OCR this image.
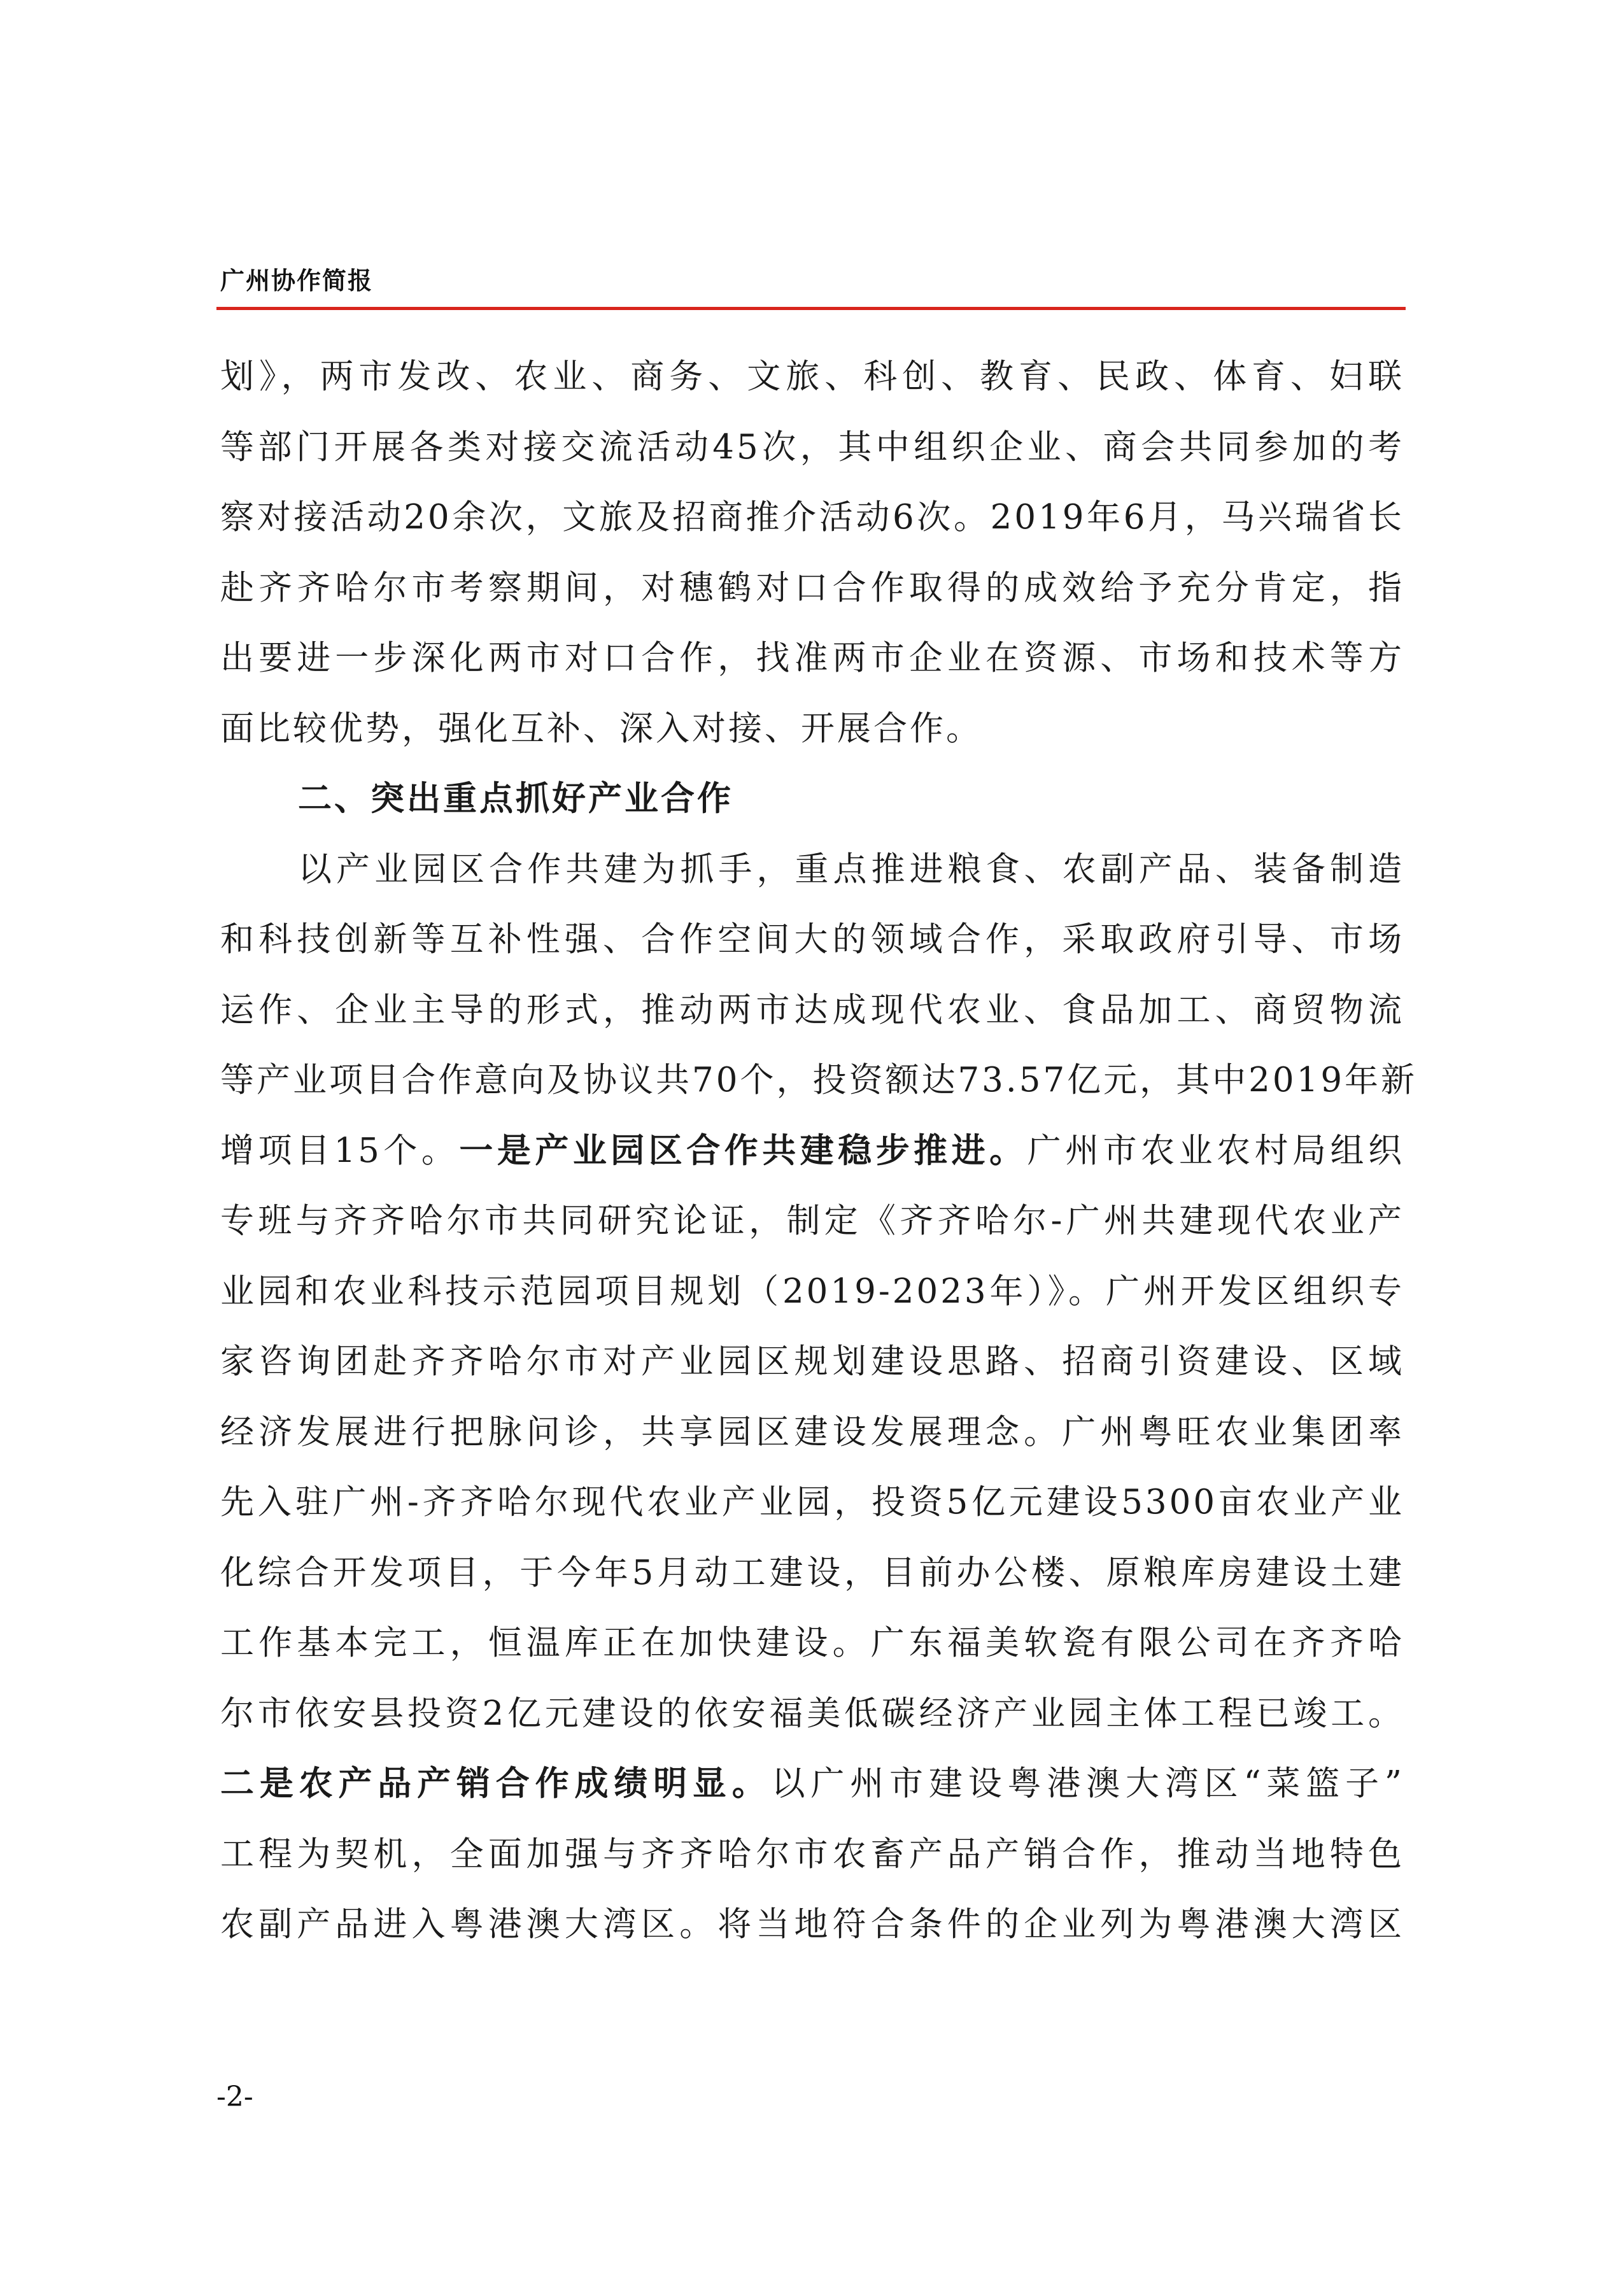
广州协作简报
划》，两市发改、农业、商务、文旅、科创、教育、民政、体育、妇联
等部门开展各类对接交流活动45次，其中组织企业、商会共同参加的考
察对接活动20余次，文旅及招商推介活动6次。2019年6月，马兴瑞省长
赴齐齐哈尔市考察期间，对穗鹤对口合作取得的成效给予充分肯定，指
出要进一步深化两市对口合作，找准两市企业在资源、市场和技术等方
面比较优势，强化互补、深入对接、开展合作。
二、突出重点抓好产业合作
以产业园区合作共建为抓手，重点推进粮食、农副产品、装备制造
和科技创新等互补性强、合作空间大的领域合作，采取政府引导、市场
运作、企业主导的形式，推动两市达成现代农业、食品加工、商贸物流
等产业项目合作意向及协议共70个，投资额达73.57亿元，其中2019年新
增项目15个。一是产业园区合作共建稳步推进。广州市农业农村局组织
专班与齐齐哈尔市共同研究论证，制定《齐齐哈尔-广州共建现代农业产
业园和农业科技示范园项目规划（2019-2023年）》。广州开发区组织专
家咨询团赴齐齐哈尔市对产业园区规划建设思路、招商引资建设、区域
经济发展进行把脉问诊，共享园区建设发展理念。广州粤旺农业集团率
先入驻广州-齐齐哈尔现代农业产业园，投资5亿元建设5300亩农业产业
化综合开发项目，于今年5月动工建设，目前办公楼、原粮库房建设土建
工作基本完工，恒温库正在加快建设。广东福美软瓷有限公司在齐齐哈
尔市依安县投资2亿元建设的依安福美低碳经济产业园主体工程已竣工。
二是农产品产销合作成绩明显。以广州市建设粤港澳大湾区“菜篮子”
工程为契机，全面加强与齐齐哈尔市农畜产品产销合作，推动当地特色
农副产品进入粤港澳大湾区。将当地符合条件的企业列为粤港澳大湾区
-2-
